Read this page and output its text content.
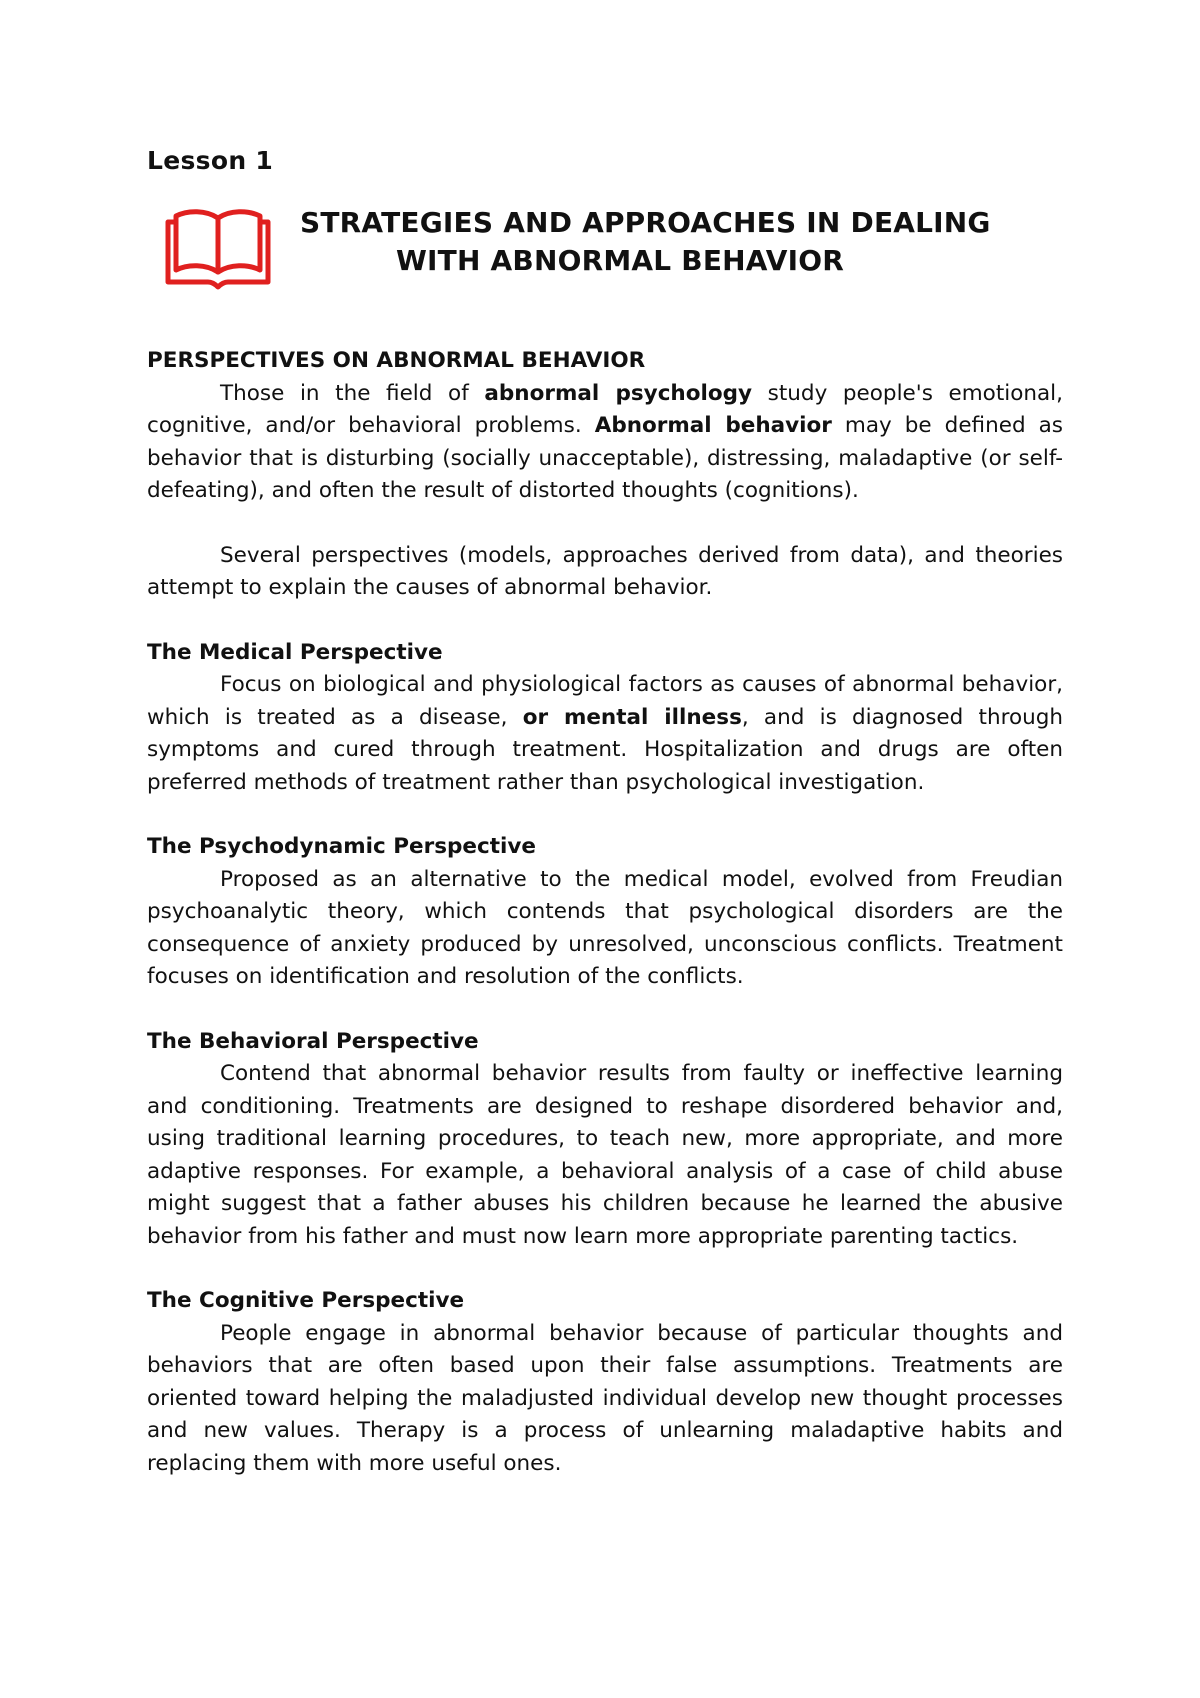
Lesson 1
STRATEGIES AND APPROACHES IN DEALING
WITH ABNORMAL BEHAVIOR

PERSPECTIVES ON ABNORMAL BEHAVIOR

Those in the field of abnormal psychology study people's emotional, cognitive, and/or behavioral problems. Abnormal behavior may be defined as behavior that is disturbing (socially unacceptable), distressing, maladaptive (or self-defeating), and often the result of distorted thoughts (cognitions).

Several perspectives (models, approaches derived from data), and theories attempt to explain the causes of abnormal behavior.

The Medical Perspective

Focus on biological and physiological factors as causes of abnormal behavior, which is treated as a disease, or mental illness, and is diagnosed through symptoms and cured through treatment. Hospitalization and drugs are often preferred methods of treatment rather than psychological investigation.

The Psychodynamic Perspective

Proposed as an alternative to the medical model, evolved from Freudian psychoanalytic theory, which contends that psychological disorders are the consequence of anxiety produced by unresolved, unconscious conflicts. Treatment focuses on identification and resolution of the conflicts.

The Behavioral Perspective

Contend that abnormal behavior results from faulty or ineffective learning and conditioning. Treatments are designed to reshape disordered behavior and, using traditional learning procedures, to teach new, more appropriate, and more adaptive responses. For example, a behavioral analysis of a case of child abuse might suggest that a father abuses his children because he learned the abusive behavior from his father and must now learn more appropriate parenting tactics.

The Cognitive Perspective

People engage in abnormal behavior because of particular thoughts and behaviors that are often based upon their false assumptions. Treatments are oriented toward helping the maladjusted individual develop new thought processes and new values. Therapy is a process of unlearning maladaptive habits and replacing them with more useful ones.
